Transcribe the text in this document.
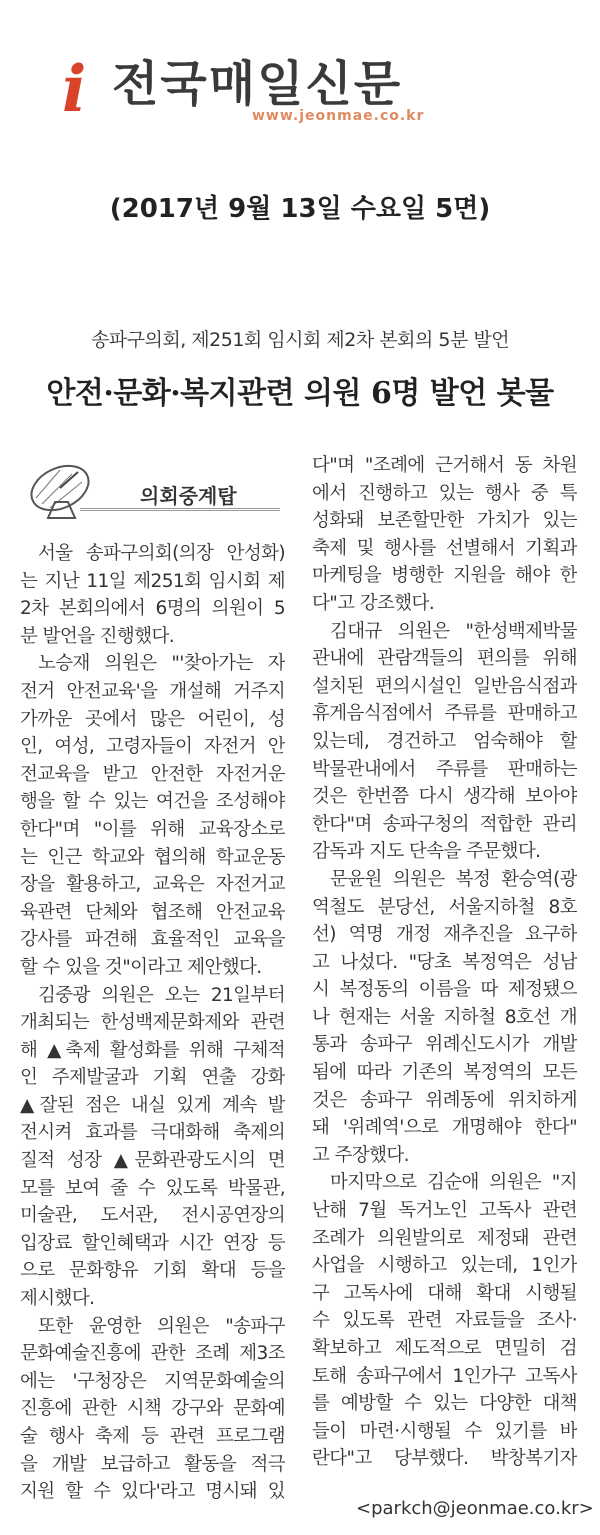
i 전국매일신문
www.jeonmae.co.kr
(2017년 9월 13일 수요일 5면)
송파구의회, 제251회 임시회 제2차 본회의 5분 발언
안전·문화·복지관련 의원 6명 발언 봇물
의회중계탑
서울 송파구의회(의장 안성화)
는 지난 11일 제251회 임시회 제
2차 본회의에서 6명의 의원이 5
분 발언을 진행했다.
노승재 의원은 "'찾아가는 자
전거 안전교육'을 개설해 거주지
가까운 곳에서 많은 어린이, 성
인, 여성, 고령자들이 자전거 안
전교육을 받고 안전한 자전거운
행을 할 수 있는 여건을 조성해야
한다"며 "이를 위해 교육장소로
는 인근 학교와 협의해 학교운동
장을 활용하고, 교육은 자전거교
육관련 단체와 협조해 안전교육
강사를 파견해 효율적인 교육을
할 수 있을 것"이라고 제안했다.
김중광 의원은 오는 21일부터
개최되는 한성백제문화제와 관련
해 ▲축제 활성화를 위해 구체적
인 주제발굴과 기획 연출 강화
▲잘된 점은 내실 있게 계속 발
전시켜 효과를 극대화해 축제의
질적 성장 ▲문화관광도시의 면
모를 보여 줄 수 있도록 박물관,
미술관, 도서관, 전시공연장의
입장료 할인혜택과 시간 연장 등
으로 문화향유 기회 확대 등을
제시했다.
또한 윤영한 의원은 "송파구
문화예술진흥에 관한 조례 제3조
에는 '구청장은 지역문화예술의
진흥에 관한 시책 강구와 문화예
술 행사 축제 등 관련 프로그램
을 개발 보급하고 활동을 적극
지원 할 수 있다'라고 명시돼 있
다"며 "조례에 근거해서 동 차원
에서 진행하고 있는 행사 중 특
성화돼 보존할만한 가치가 있는
축제 및 행사를 선별해서 기획과
마케팅을 병행한 지원을 해야 한
다"고 강조했다.
김대규 의원은 "한성백제박물
관내에 관람객들의 편의를 위해
설치된 편의시설인 일반음식점과
휴게음식점에서 주류를 판매하고
있는데, 경건하고 엄숙해야 할
박물관내에서 주류를 판매하는
것은 한번쯤 다시 생각해 보아야
한다"며 송파구청의 적합한 관리
감독과 지도 단속을 주문했다.
문윤원 의원은 복정 환승역(광
역철도 분당선, 서울지하철 8호
선) 역명 개정 재추진을 요구하
고 나섰다. "당초 복정역은 성남
시 복정동의 이름을 따 제정됐으
나 현재는 서울 지하철 8호선 개
통과 송파구 위례신도시가 개발
됨에 따라 기존의 복정역의 모든
것은 송파구 위례동에 위치하게
돼 '위례역'으로 개명해야 한다"
고 주장했다.
마지막으로 김순애 의원은 "지
난해 7월 독거노인 고독사 관련
조례가 의원발의로 제정돼 관련
사업을 시행하고 있는데, 1인가
구 고독사에 대해 확대 시행될
수 있도록 관련 자료들을 조사·
확보하고 제도적으로 면밀히 검
토해 송파구에서 1인가구 고독사
를 예방할 수 있는 다양한 대책
들이 마련·시행될 수 있기를 바
란다"고 당부했다. 박창복기자
<parkch@jeonmae.co.kr>
